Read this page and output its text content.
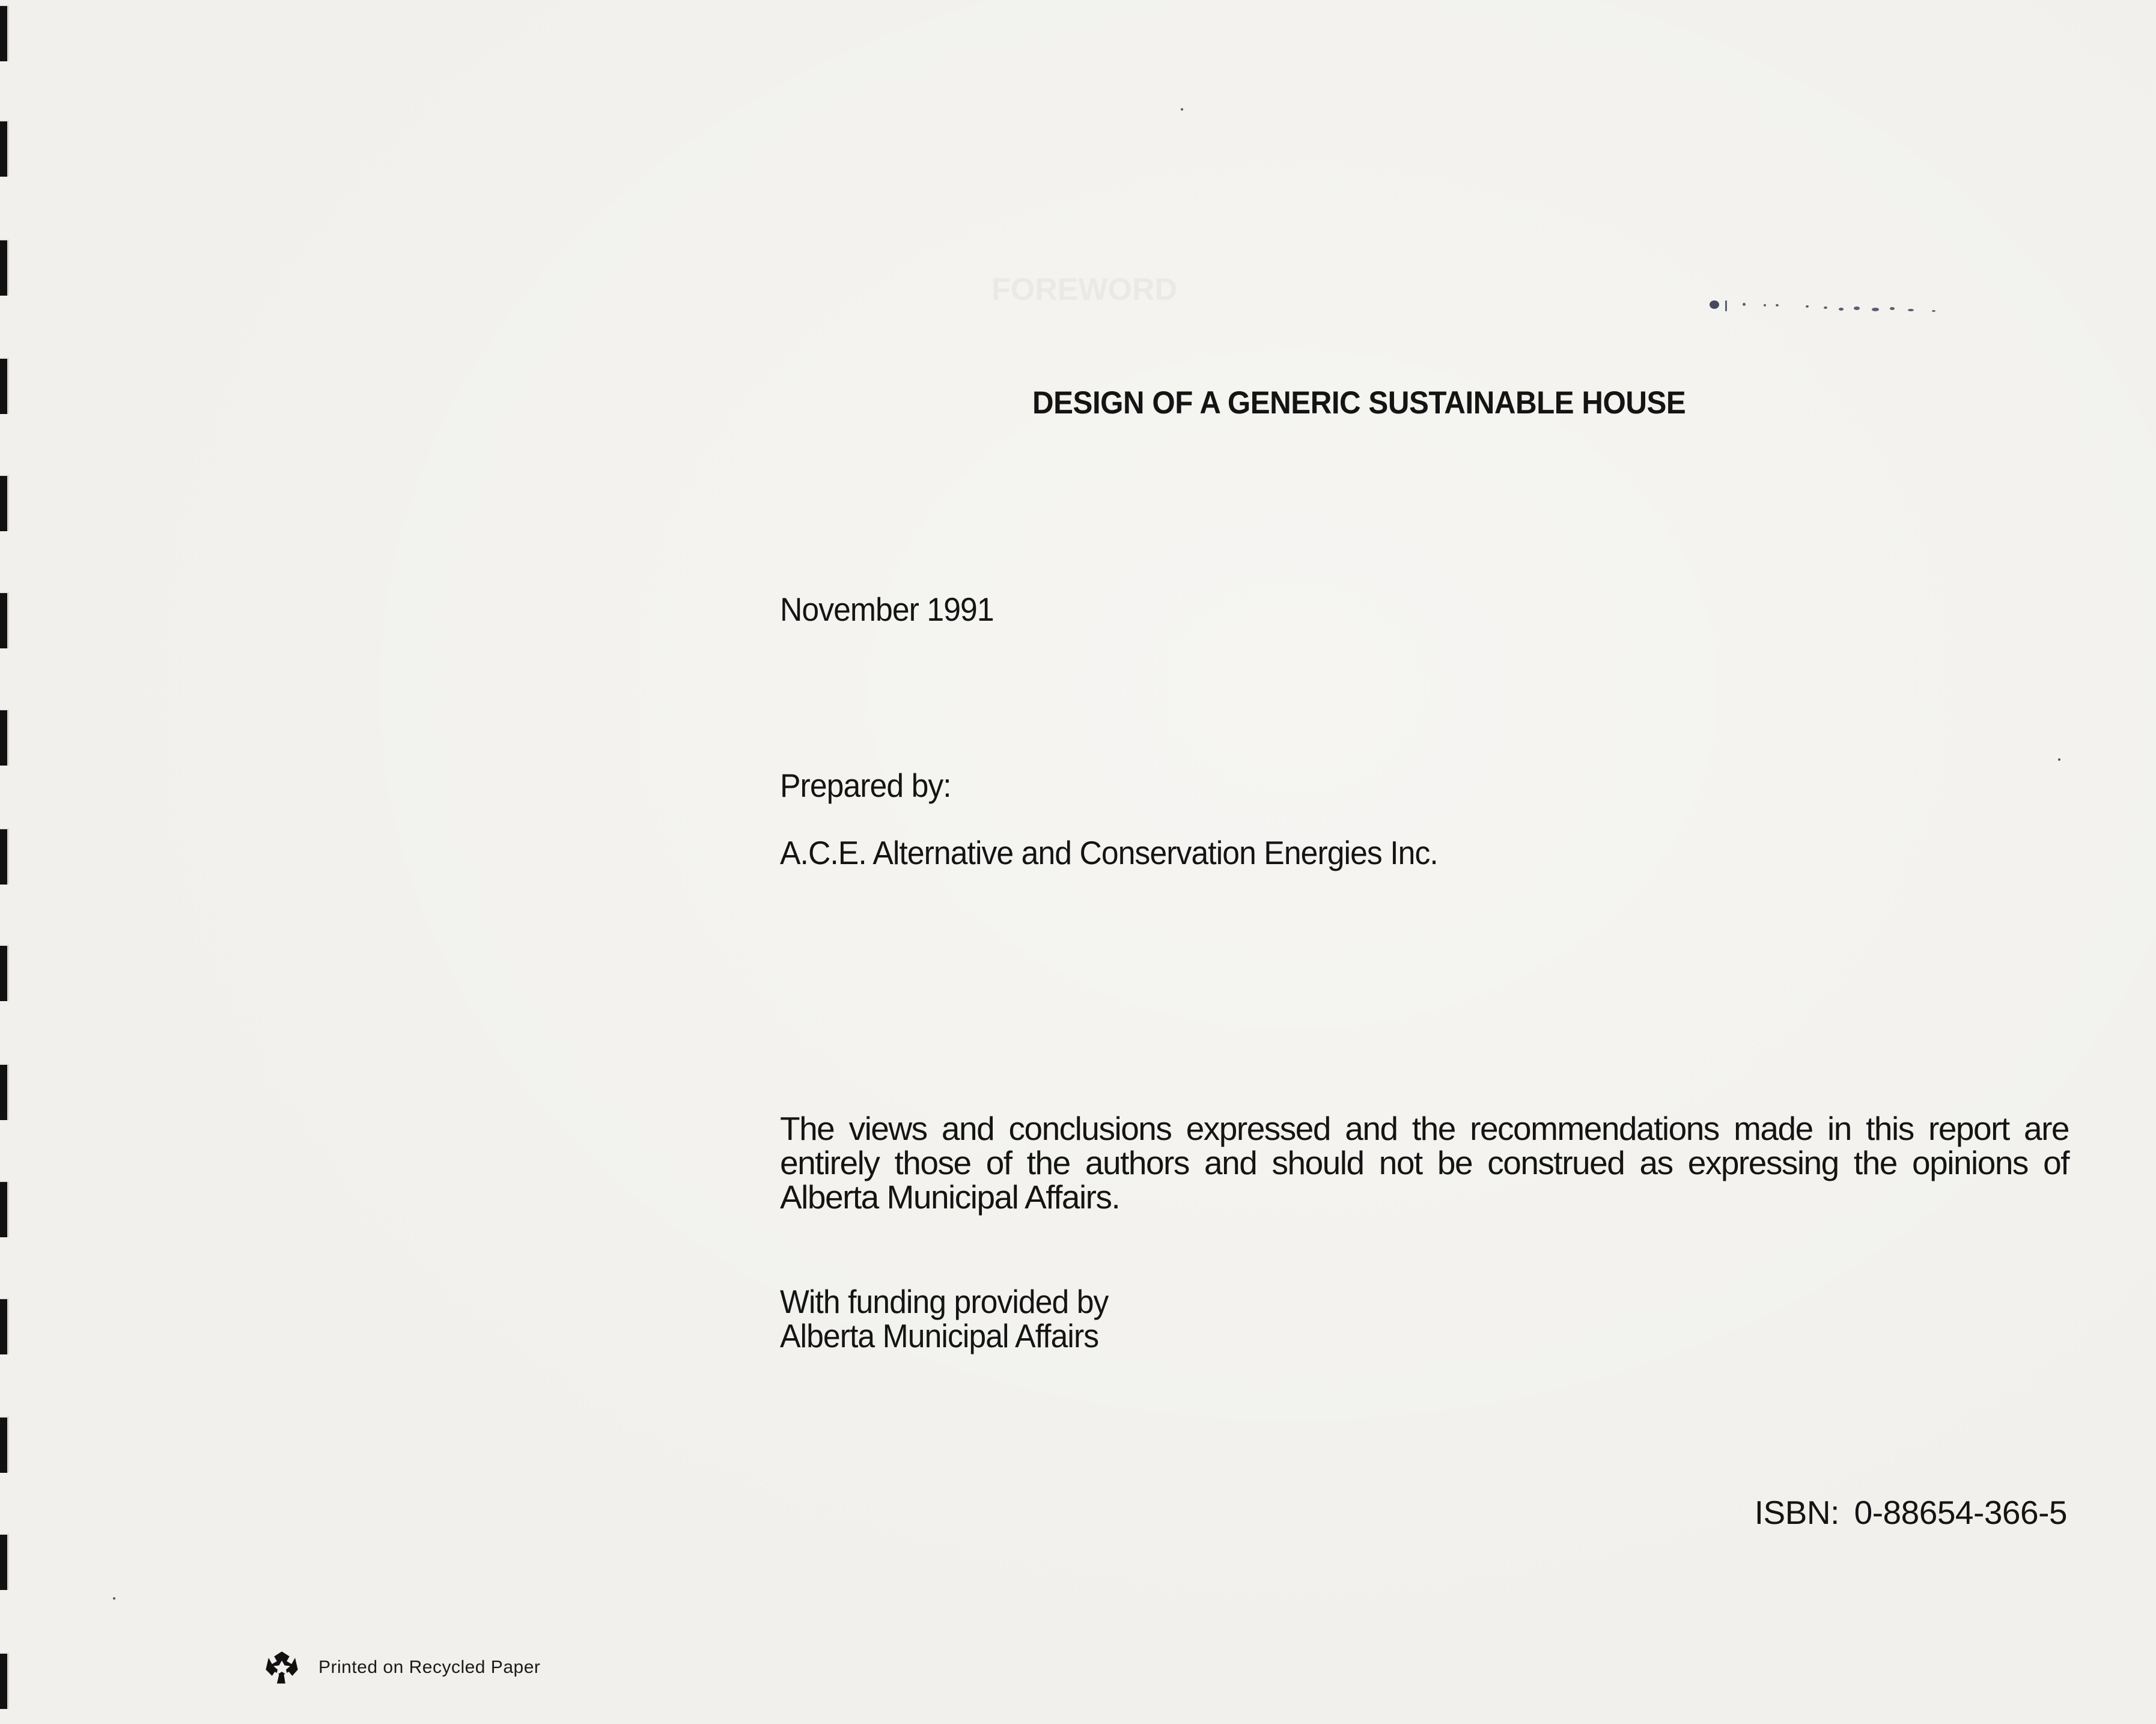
FOREWORD
DESIGN OF A GENERIC SUSTAINABLE HOUSE
November 1991
Prepared by:
A.C.E. Alternative and Conservation Energies Inc.
The views and conclusions expressed and the recommendations made in this report are entirely those of the authors and should not be construed as expressing the opinions of Alberta Municipal Affairs.
With funding provided by
Alberta Municipal Affairs
ISBN: 0-88654-366-5
Printed on Recycled Paper
